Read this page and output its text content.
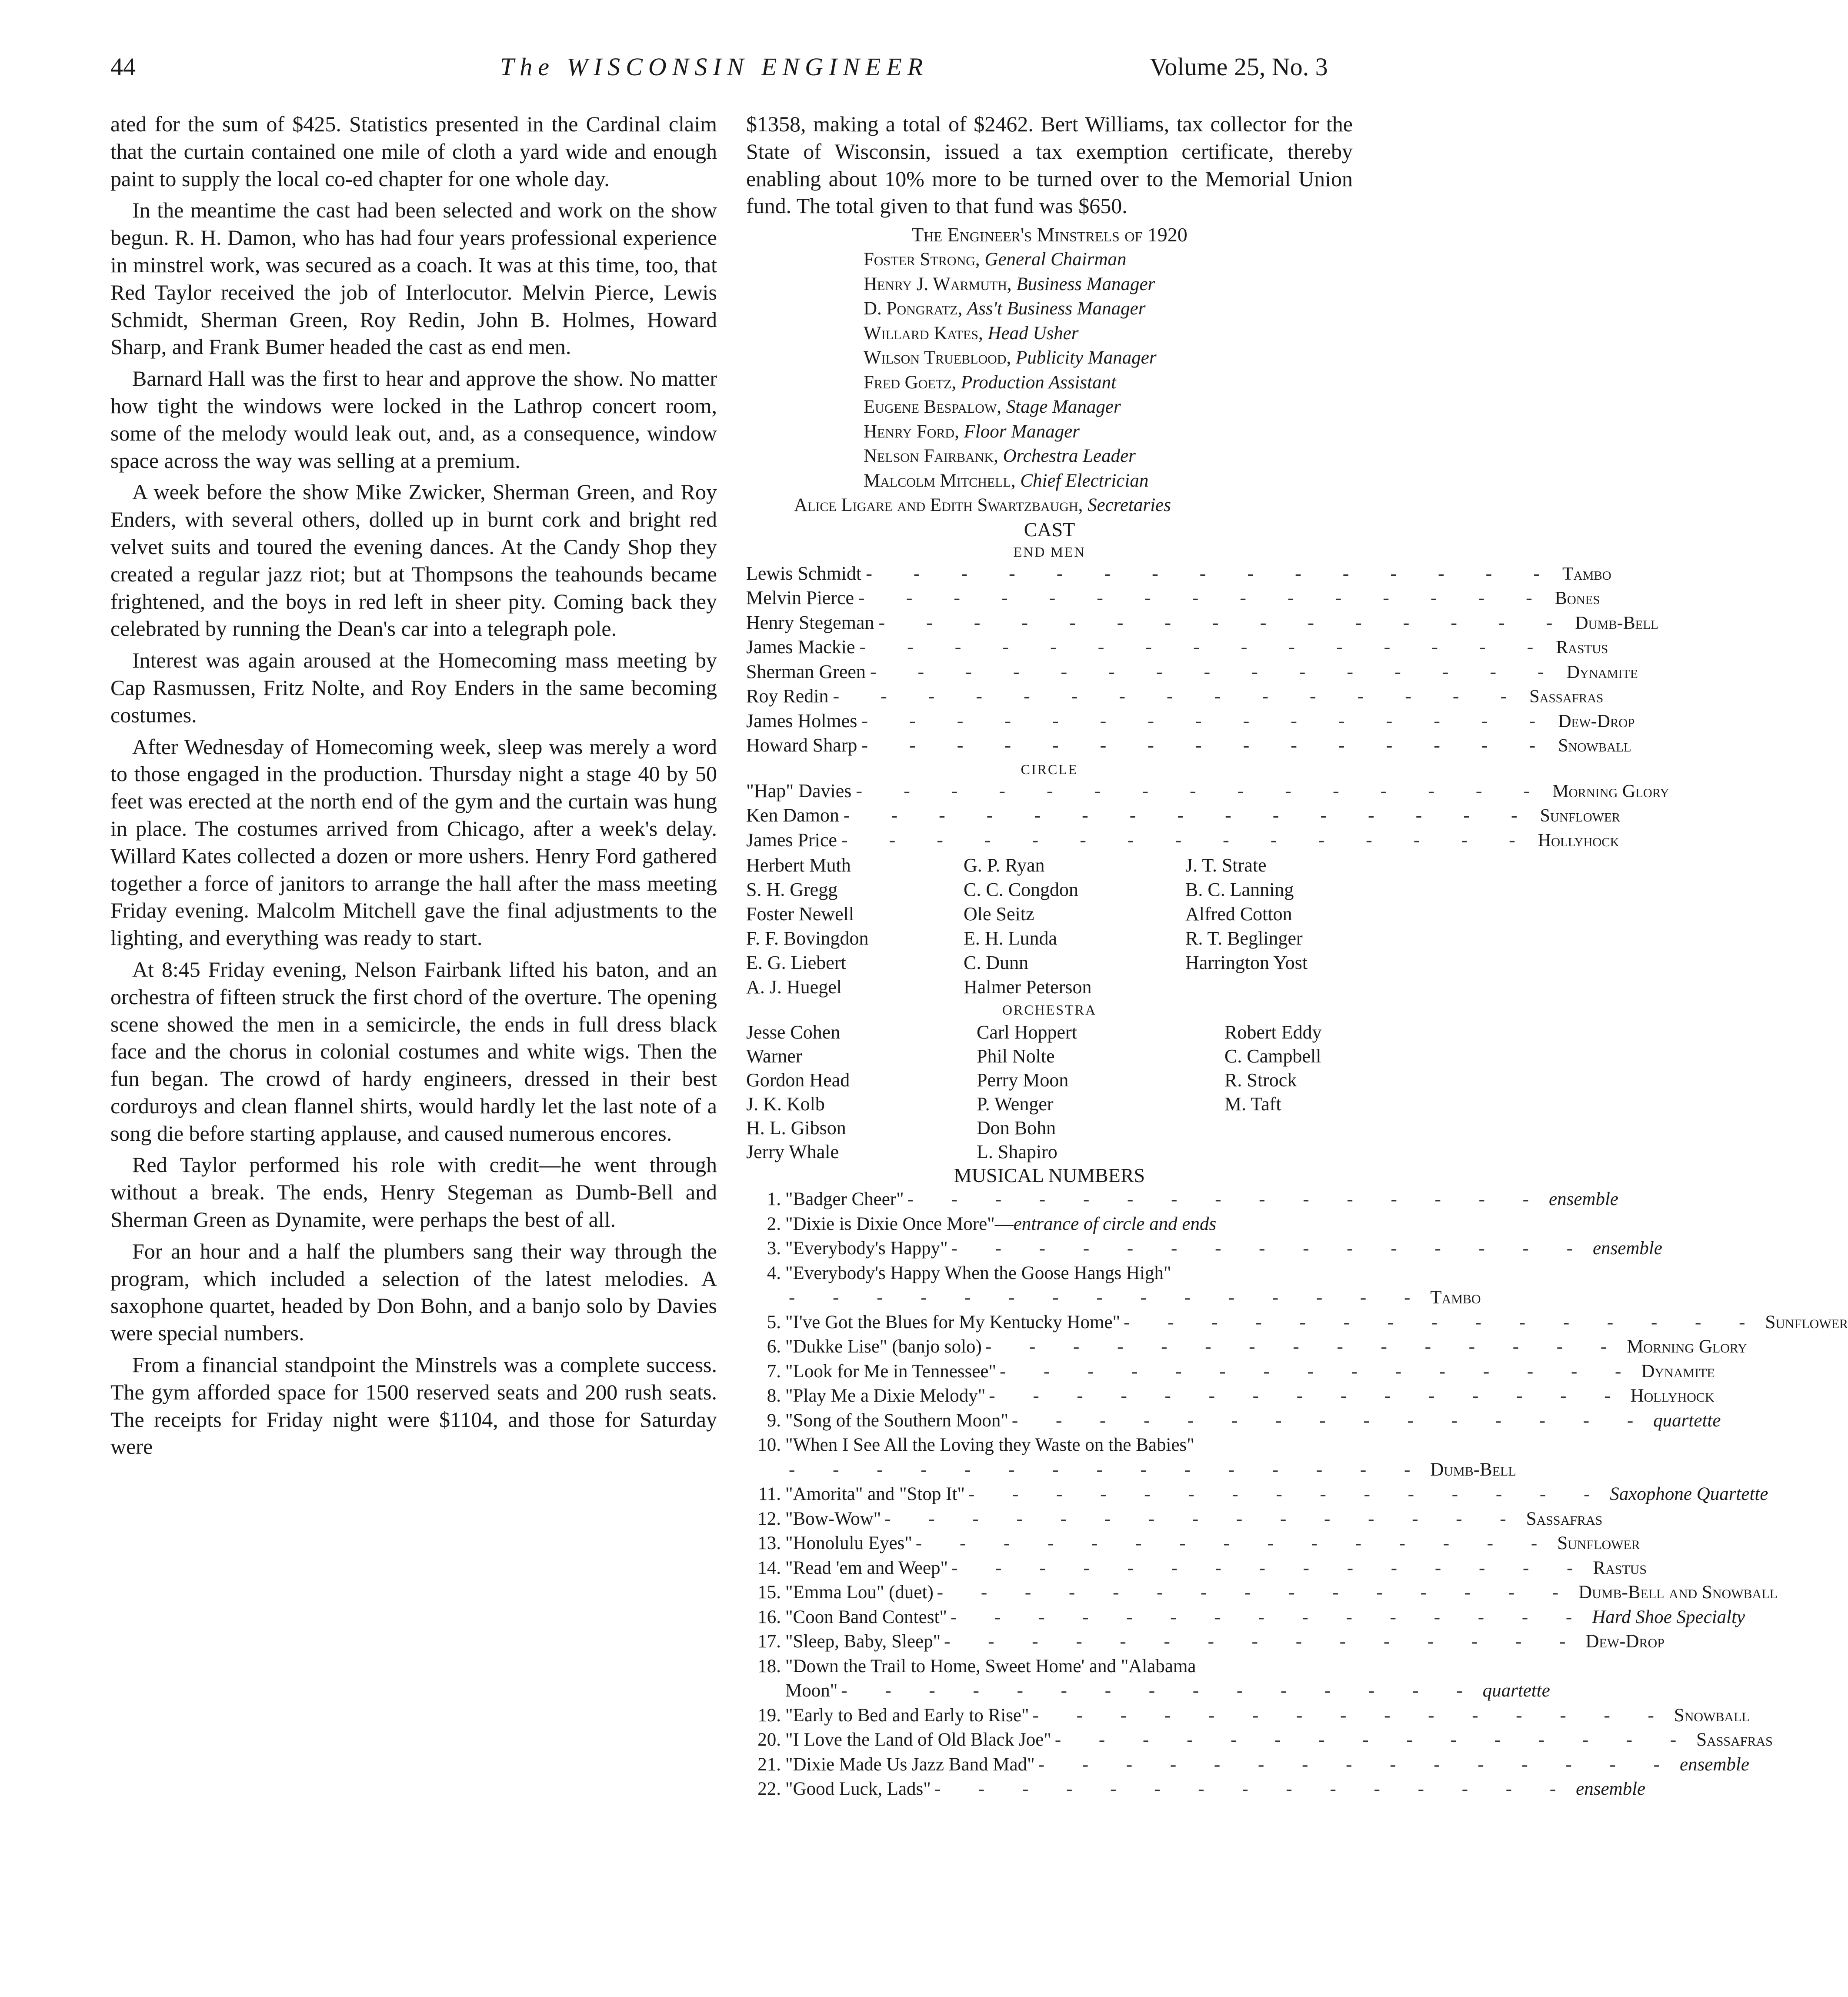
44	The WISCONSIN ENGINEER	Volume 25, No. 3

ated for the sum of $425. Statistics presented in the Cardinal claim that the curtain contained one mile of cloth a yard wide and enough paint to supply the local co-ed chapter for one whole day.

In the meantime the cast had been selected and work on the show begun. R. H. Damon, who has had four years professional experience in minstrel work, was secured as a coach. It was at this time, too, that Red Taylor received the job of Interlocutor. Melvin Pierce, Lewis Schmidt, Sherman Green, Roy Redin, John B. Holmes, Howard Sharp, and Frank Bumer headed the cast as end men.

Barnard Hall was the first to hear and approve the show. No matter how tight the windows were locked in the Lathrop concert room, some of the melody would leak out, and, as a consequence, window space across the way was selling at a premium.

A week before the show Mike Zwicker, Sherman Green, and Roy Enders, with several others, dolled up in burnt cork and bright red velvet suits and toured the evening dances. At the Candy Shop they created a regular jazz riot; but at Thompsons the teahounds became frightened, and the boys in red left in sheer pity. Coming back they celebrated by running the Dean's car into a telegraph pole.

Interest was again aroused at the Homecoming mass meeting by Cap Rasmussen, Fritz Nolte, and Roy Enders in the same becoming costumes.

After Wednesday of Homecoming week, sleep was merely a word to those engaged in the production. Thursday night a stage 40 by 50 feet was erected at the north end of the gym and the curtain was hung in place. The costumes arrived from Chicago, after a week's delay. Willard Kates collected a dozen or more ushers. Henry Ford gathered together a force of janitors to arrange the hall after the mass meeting Friday evening. Malcolm Mitchell gave the final adjustments to the lighting, and everything was ready to start.

At 8:45 Friday evening, Nelson Fairbank lifted his baton, and an orchestra of fifteen struck the first chord of the overture. The opening scene showed the men in a semicircle, the ends in full dress black face and the chorus in colonial costumes and white wigs. Then the fun began. The crowd of hardy engineers, dressed in their best corduroys and clean flannel shirts, would hardly let the last note of a song die before starting applause, and caused numerous encores.

Red Taylor performed his role with credit—he went through without a break. The ends, Henry Stegeman as Dumb-Bell and Sherman Green as Dynamite, were perhaps the best of all.

For an hour and a half the plumbers sang their way through the program, which included a selection of the latest melodies. A saxophone quartet, headed by Don Bohn, and a banjo solo by Davies were special numbers.

From a financial standpoint the Minstrels was a complete success. The gym afforded space for 1500 reserved seats and 200 rush seats. The receipts for Friday night were $1104, and those for Saturday were

$1358, making a total of $2462. Bert Williams, tax collector for the State of Wisconsin, issued a tax exemption certificate, thereby enabling about 10% more to be turned over to the Memorial Union fund. The total given to that fund was $650.

The Engineer's Minstrels of 1920
Foster Strong, General Chairman
Henry J. Warmuth, Business Manager
D. Pongratz, Ass't Business Manager
Willard Kates, Head Usher
Wilson Trueblood, Publicity Manager
Fred Goetz, Production Assistant
Eugene Bespalow, Stage Manager
Henry Ford, Floor Manager
Nelson Fairbank, Orchestra Leader
Malcolm Mitchell, Chief Electrician
Alice Ligare and Edith Swartzbaugh, Secretaries
CAST
END MEN
Lewis Schmidt - - - - - - - - - - - - - - - Tambo
Melvin Pierce - - - - - - - - - - - - - - - Bones
Henry Stegeman - - - - - - - - - - - - - - - Dumb-Bell
James Mackie - - - - - - - - - - - - - - - Rastus
Sherman Green - - - - - - - - - - - - - - - Dynamite
Roy Redin - - - - - - - - - - - - - - - Sassafras
James Holmes - - - - - - - - - - - - - - - Dew-Drop
Howard Sharp - - - - - - - - - - - - - - - Snowball
CIRCLE
"Hap" Davies - - - - - - - - - - - - - - - Morning Glory
Ken Damon - - - - - - - - - - - - - - - Sunflower
James Price - - - - - - - - - - - - - - - Hollyhock
Herbert Muth	G. P. Ryan	J. T. Strate
S. H. Gregg	C. C. Congdon	B. C. Lanning
Foster Newell	Ole Seitz	Alfred Cotton
F. F. Bovingdon	E. H. Lunda	R. T. Beglinger
E. G. Liebert	C. Dunn	Harrington Yost
A. J. Huegel	Halmer Peterson
ORCHESTRA
Jesse Cohen	Carl Hoppert	Robert Eddy
Warner	Phil Nolte	C. Campbell
Gordon Head	Perry Moon	R. Strock
J. K. Kolb	P. Wenger	M. Taft
H. L. Gibson	Don Bohn
Jerry Whale	L. Shapiro
MUSICAL NUMBERS
1. "Badger Cheer" - - - - - - - - - - - - - - - ensemble
2. "Dixie is Dixie Once More"— entrance of circle and ends
3. "Everybody's Happy" - - - - - - - - - - - - - - - ensemble
4. "Everybody's Happy When the Goose Hangs High"
- - - - - - - - - - - - - - - Tambo
5. "I've Got the Blues for My Kentucky Home" - - - - - - - - - - - - - - - Sunflower
6. "Dukke Lise" (banjo solo) - - - - - - - - - - - - - - - Morning Glory
7. "Look for Me in Tennessee" - - - - - - - - - - - - - - - Dynamite
8. "Play Me a Dixie Melody" - - - - - - - - - - - - - - - Hollyhock
9. "Song of the Southern Moon" - - - - - - - - - - - - - - - quartette
10. "When I See All the Loving they Waste on the Babies"
- - - - - - - - - - - - - - - Dumb-Bell
11. "Amorita" and "Stop It" - - - - - - - - - - - - - - - Saxophone Quartette
12. "Bow-Wow" - - - - - - - - - - - - - - - Sassafras
13. "Honolulu Eyes" - - - - - - - - - - - - - - - Sunflower
14. "Read 'em and Weep" - - - - - - - - - - - - - - - Rastus
15. "Emma Lou" (duet) - - - - - - - - - - - - - - - Dumb-Bell and Snowball
16. "Coon Band Contest" - - - - - - - - - - - - - - - Hard Shoe Specialty
17. "Sleep, Baby, Sleep" - - - - - - - - - - - - - - - Dew-Drop
18. "Down the Trail to Home, Sweet Home' and "Alabama
Moon" - - - - - - - - - - - - - - - quartette
19. "Early to Bed and Early to Rise" - - - - - - - - - - - - - - - Snowball
20. "I Love the Land of Old Black Joe" - - - - - - - - - - - - - - - Sassafras
21. "Dixie Made Us Jazz Band Mad" - - - - - - - - - - - - - - - ensemble
22. "Good Luck, Lads" - - - - - - - - - - - - - - - ensemble
